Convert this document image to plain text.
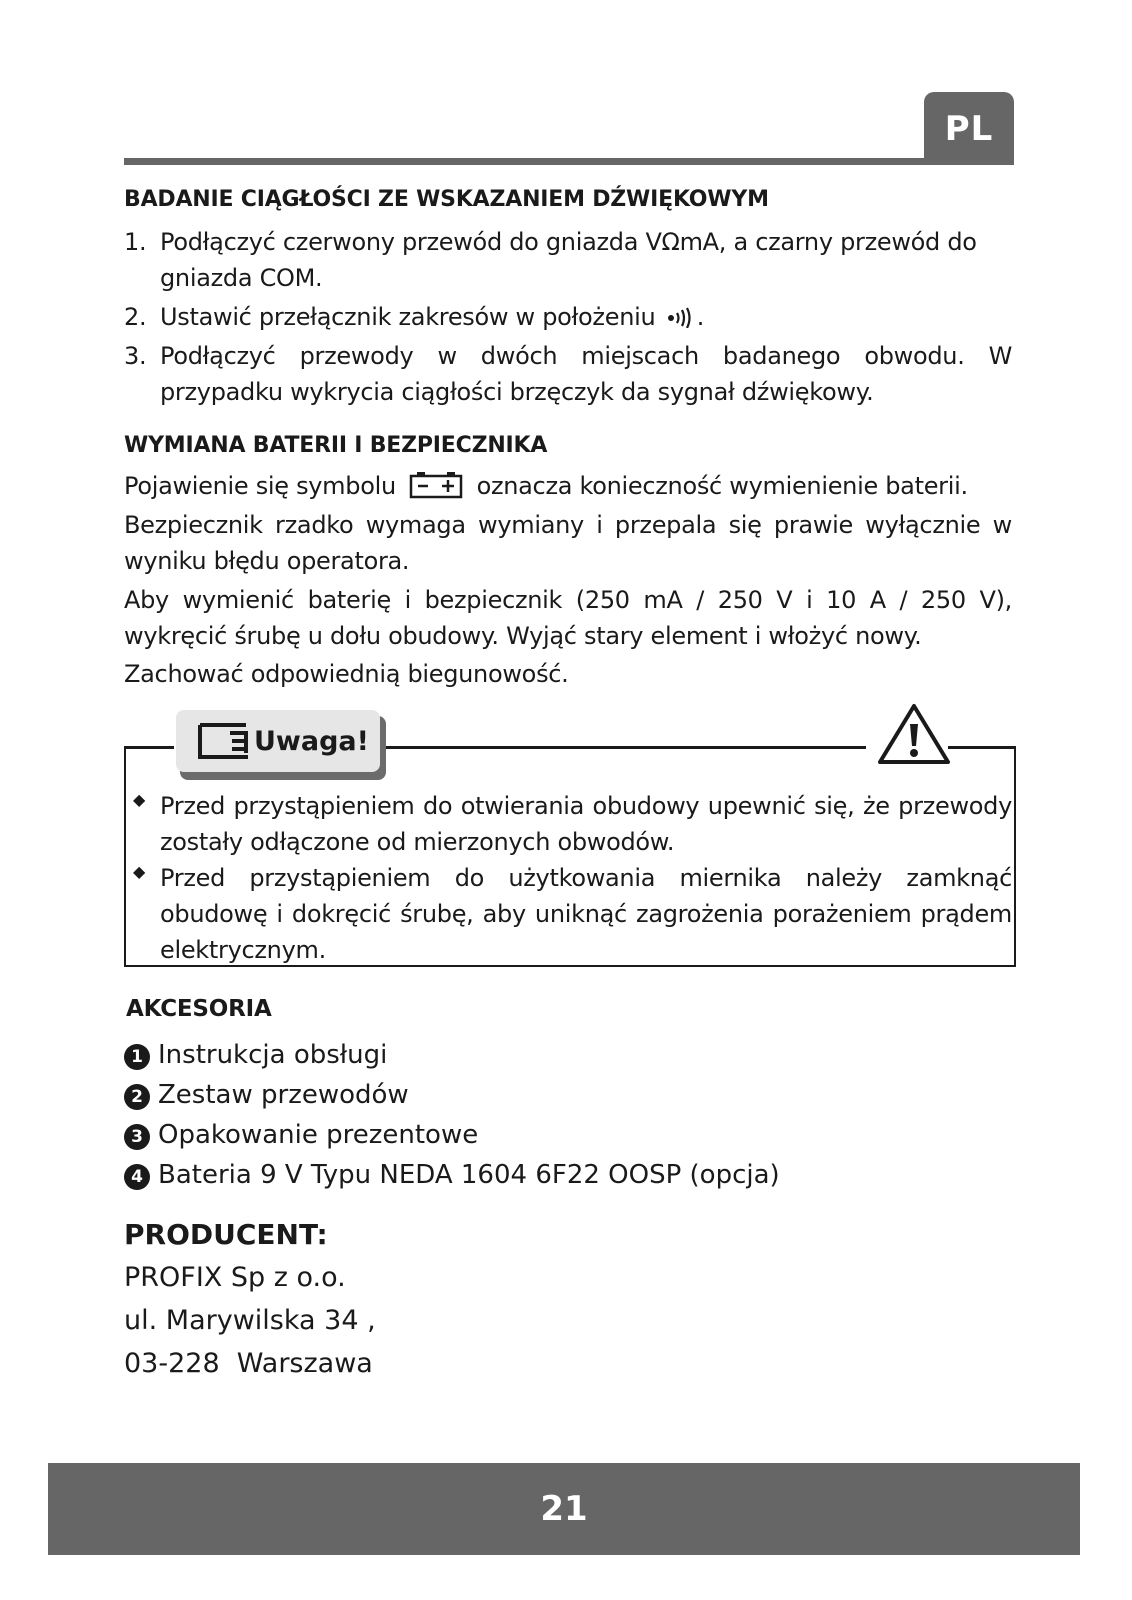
PL
BADANIE CIĄGŁOŚCI ZE WSKAZANIEM DŹWIĘKOWYM
1. Podłączyć czerwony przewód do gniazda VΩmA, a czarny przewód do gniazda COM.
2. Ustawić przełącznik zakresów w położeniu .
3. Podłączyć przewody w dwóch miejscach badanego obwodu. W przypadku wykrycia ciągłości brzęczyk da sygnał dźwiękowy.
WYMIANA BATERII I BEZPIECZNIKA
Pojawienie się symbolu	oznacza konieczność wymienienie baterii.
Bezpiecznik rzadko wymaga wymiany i przepala się prawie wyłącznie w wyniku błędu operatora.
Aby wymienić baterię i bezpiecznik (250 mA / 250 V i 10 A / 250 V), wykręcić śrubę u dołu obudowy. Wyjąć stary element i włożyć nowy.
Zachować odpowiednią biegunowość.
Uwaga!
◆ Przed przystąpieniem do otwierania obudowy upewnić się, że przewody zostały odłączone od mierzonych obwodów.
◆ Przed przystąpieniem do użytkowania miernika należy zamknąć obudowę i dokręcić śrubę, aby uniknąć zagrożenia porażeniem prądem elektrycznym.
AKCESORIA
1 Instrukcja obsługi
2 Zestaw przewodów
3 Opakowanie prezentowe
4 Bateria 9 V Typu NEDA 1604 6F22 OOSP (opcja)
PRODUCENT:
PROFIX Sp z o.o.
ul. Marywilska 34 ,
03-228  Warszawa
21
